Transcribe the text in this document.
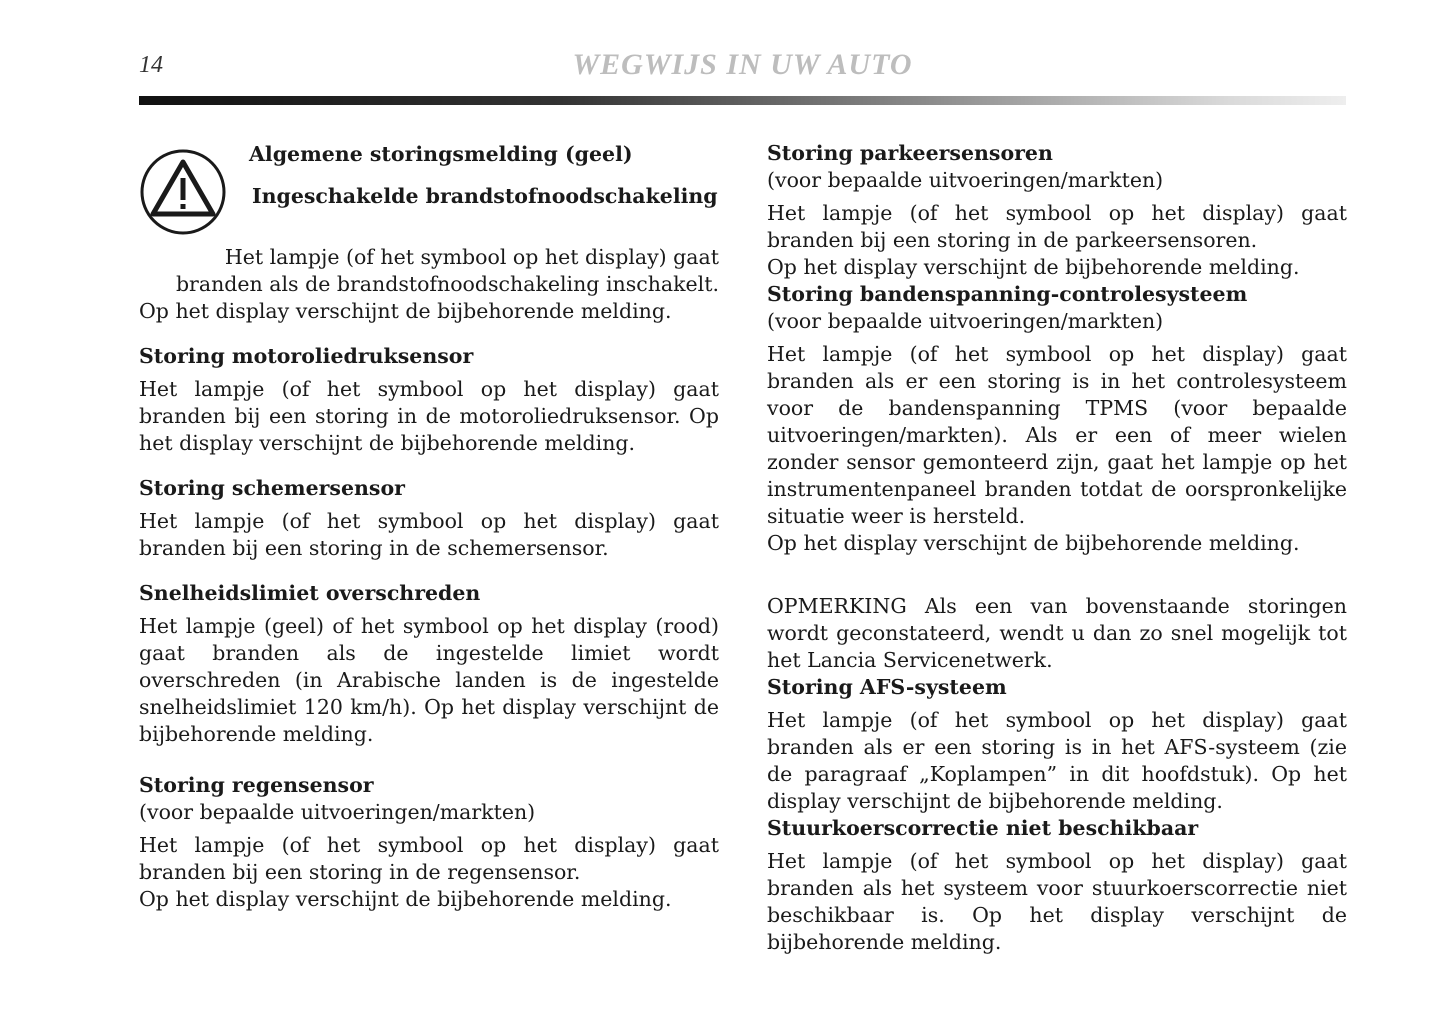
14	WEGWIJS IN UW AUTO
Algemene storingsmelding (geel)
Ingeschakelde brandstofnoodschakeling
Het lampje (of het symbool op het display) gaat
branden als de brandstofnoodschakeling inschakelt.
Op het display verschijnt de bijbehorende melding.
Storing motoroliedruksensor

Het lampje (of het symbool op het display) gaat branden bij een storing in de motoroliedruksensor. Op het display verschijnt de bijbehorende melding.

Storing schemersensor

Het lampje (of het symbool op het display) gaat branden bij een storing in de schemersensor.

Snelheidslimiet overschreden

Het lampje (geel) of het symbool op het display (rood) gaat branden als de ingestelde limiet wordt overschreden (in Arabische landen is de ingestelde snelheidslimiet 120 km/h). Op het display verschijnt de bijbehorende melding.

Storing regensensor

(voor bepaalde uitvoeringen/markten)

Het lampje (of het symbool op het display) gaat branden bij een storing in de regensensor.

Op het display verschijnt de bijbehorende melding.

Storing parkeersensoren

(voor bepaalde uitvoeringen/markten)

Het lampje (of het symbool op het display) gaat branden bij een storing in de parkeersensoren.

Op het display verschijnt de bijbehorende melding.

Storing bandenspanning-controlesysteem

(voor bepaalde uitvoeringen/markten)

Het lampje (of het symbool op het display) gaat branden als er een storing is in het controlesysteem voor de bandenspanning TPMS (voor bepaalde uitvoeringen/markten). Als er een of meer wielen zonder sensor gemonteerd zijn, gaat het lampje op het instrumentenpaneel branden totdat de oorspronkelijke situatie weer is hersteld.

Op het display verschijnt de bijbehorende melding.

OPMERKING Als een van bovenstaande storingen wordt geconstateerd, wendt u dan zo snel mogelijk tot het Lancia Servicenetwerk.

Storing AFS-systeem

Het lampje (of het symbool op het display) gaat branden als er een storing is in het AFS-systeem (zie de paragraaf „Koplampen” in dit hoofdstuk). Op het display verschijnt de bijbehorende melding.

Stuurkoerscorrectie niet beschikbaar

Het lampje (of het symbool op het display) gaat branden als het systeem voor stuurkoerscorrectie niet beschikbaar is. Op het display verschijnt de bijbehorende melding.
